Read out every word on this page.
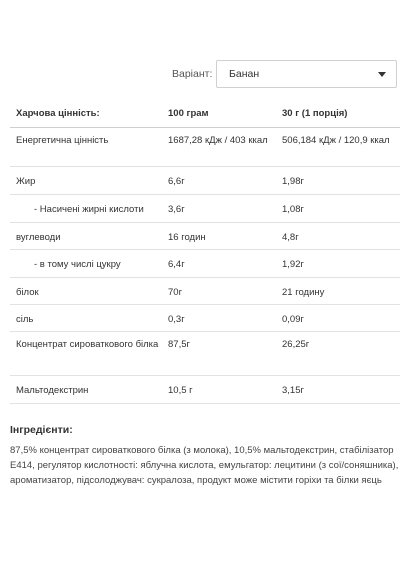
Варіант: Банан
Харчова цінність:	100 грам	30 г (1 порція)
Енергетична цінність	1687,28 кДж / 403 ккал	506,184 кДж / 120,9 ккал
Жир	6,6г	1,98г
- Насичені жирні кислоти	3,6г	1,08г
вуглеводи	16 годин	4,8г
- в тому числі цукру	6,4г	1,92г
білок	70г	21 годину
сіль	0,3г	0,09г
Концентрат сироваткового білка	87,5г	26,25г
Мальтодекстрин	10,5 г	3,15г
Інгредієнти:
87,5% концентрат сироваткового білка (з молока), 10,5% мальтодекстрин, стабілізатор E414, регулятор кислотності: яблучна кислота, емульгатор: лецитини (з сої/соняшника), ароматизатор, підсолоджувач: сукралоза, продукт може містити горіхи та білки яєць
